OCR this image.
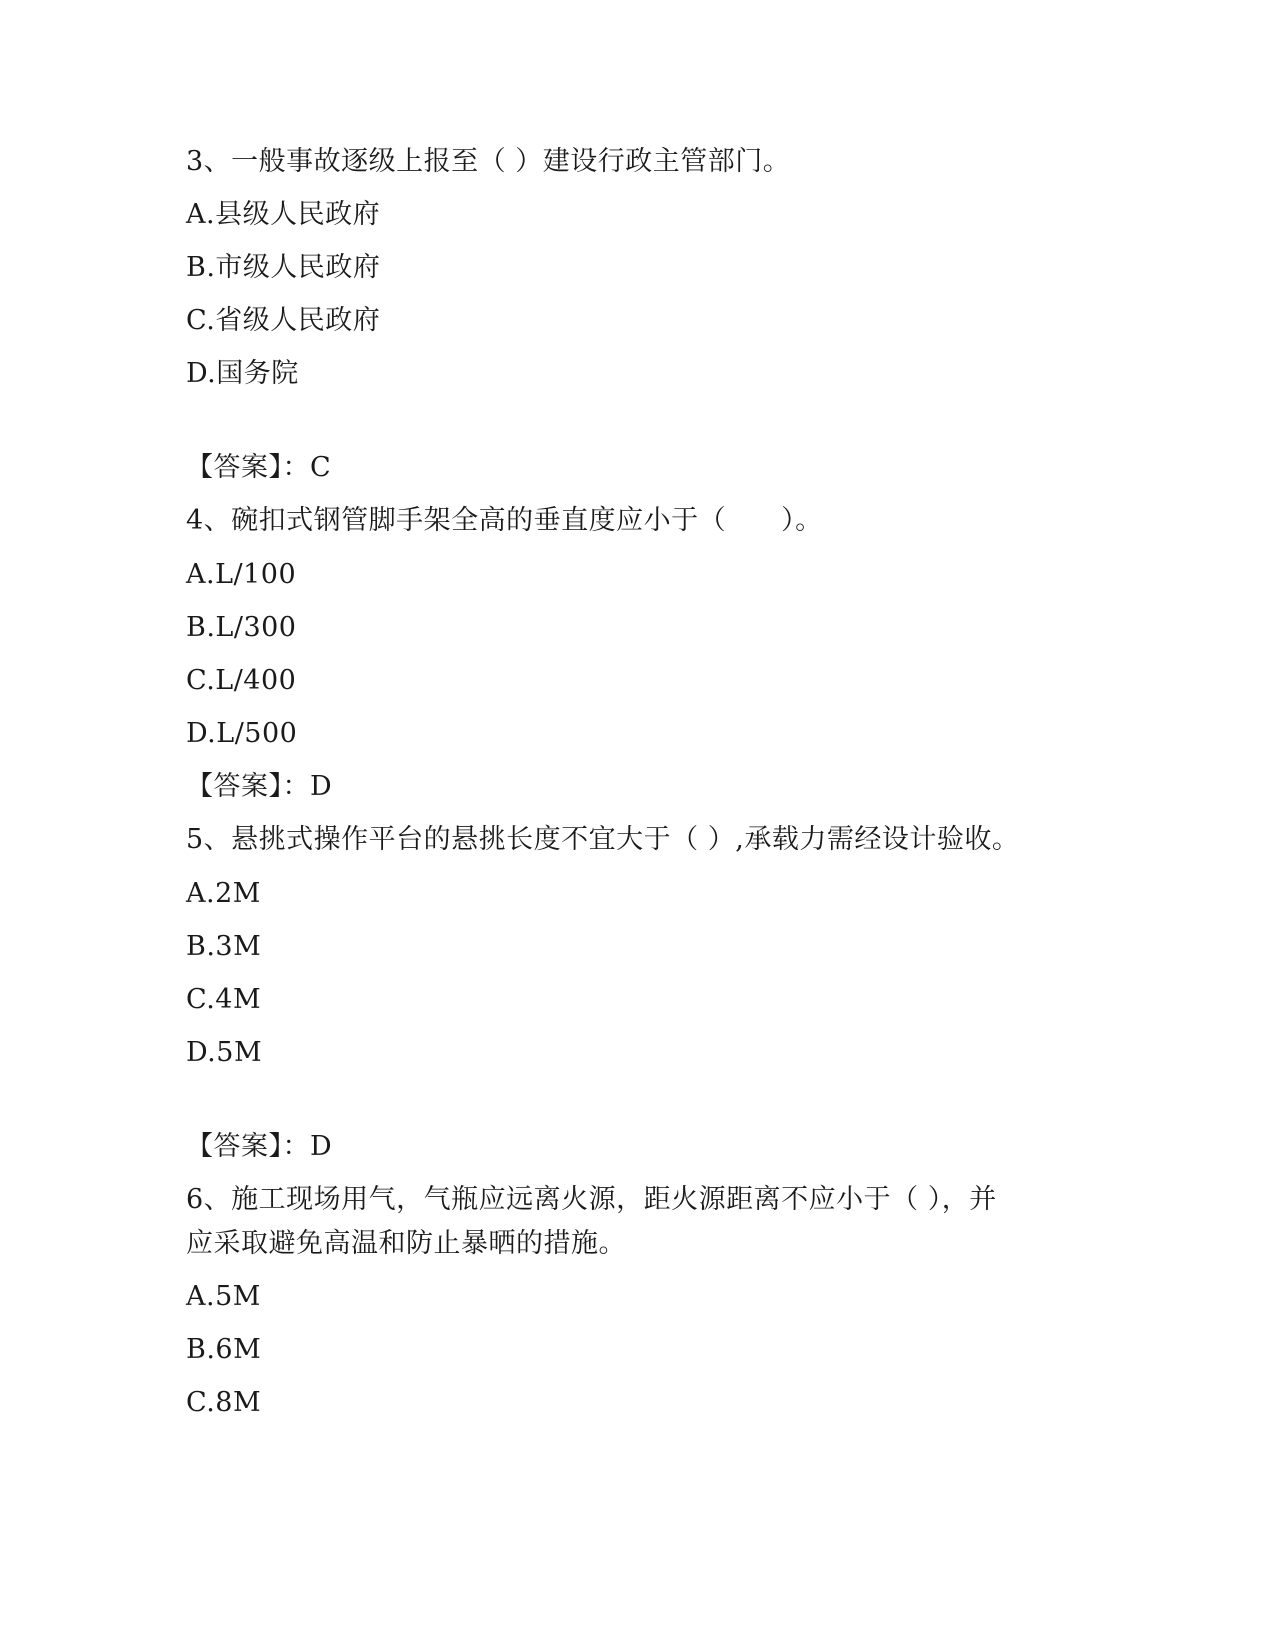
3、一般事故逐级上报至（ ）建设行政主管部门。
A.县级人民政府
B.市级人民政府
C.省级人民政府
D.国务院
【答案】：C
4、碗扣式钢管脚手架全高的垂直度应小于（　　）。
A.L/100
B.L/300
C.L/400
D.L/500
【答案】：D
5、悬挑式操作平台的悬挑长度不宜大于（ ）,承载力需经设计验收。
A.2M
B.3M
C.4M
D.5M
【答案】：D
6、施工现场用气，气瓶应远离火源，距火源距离不应小于（ ），并
应采取避免高温和防止暴晒的措施。
A.5M
B.6M
C.8M
